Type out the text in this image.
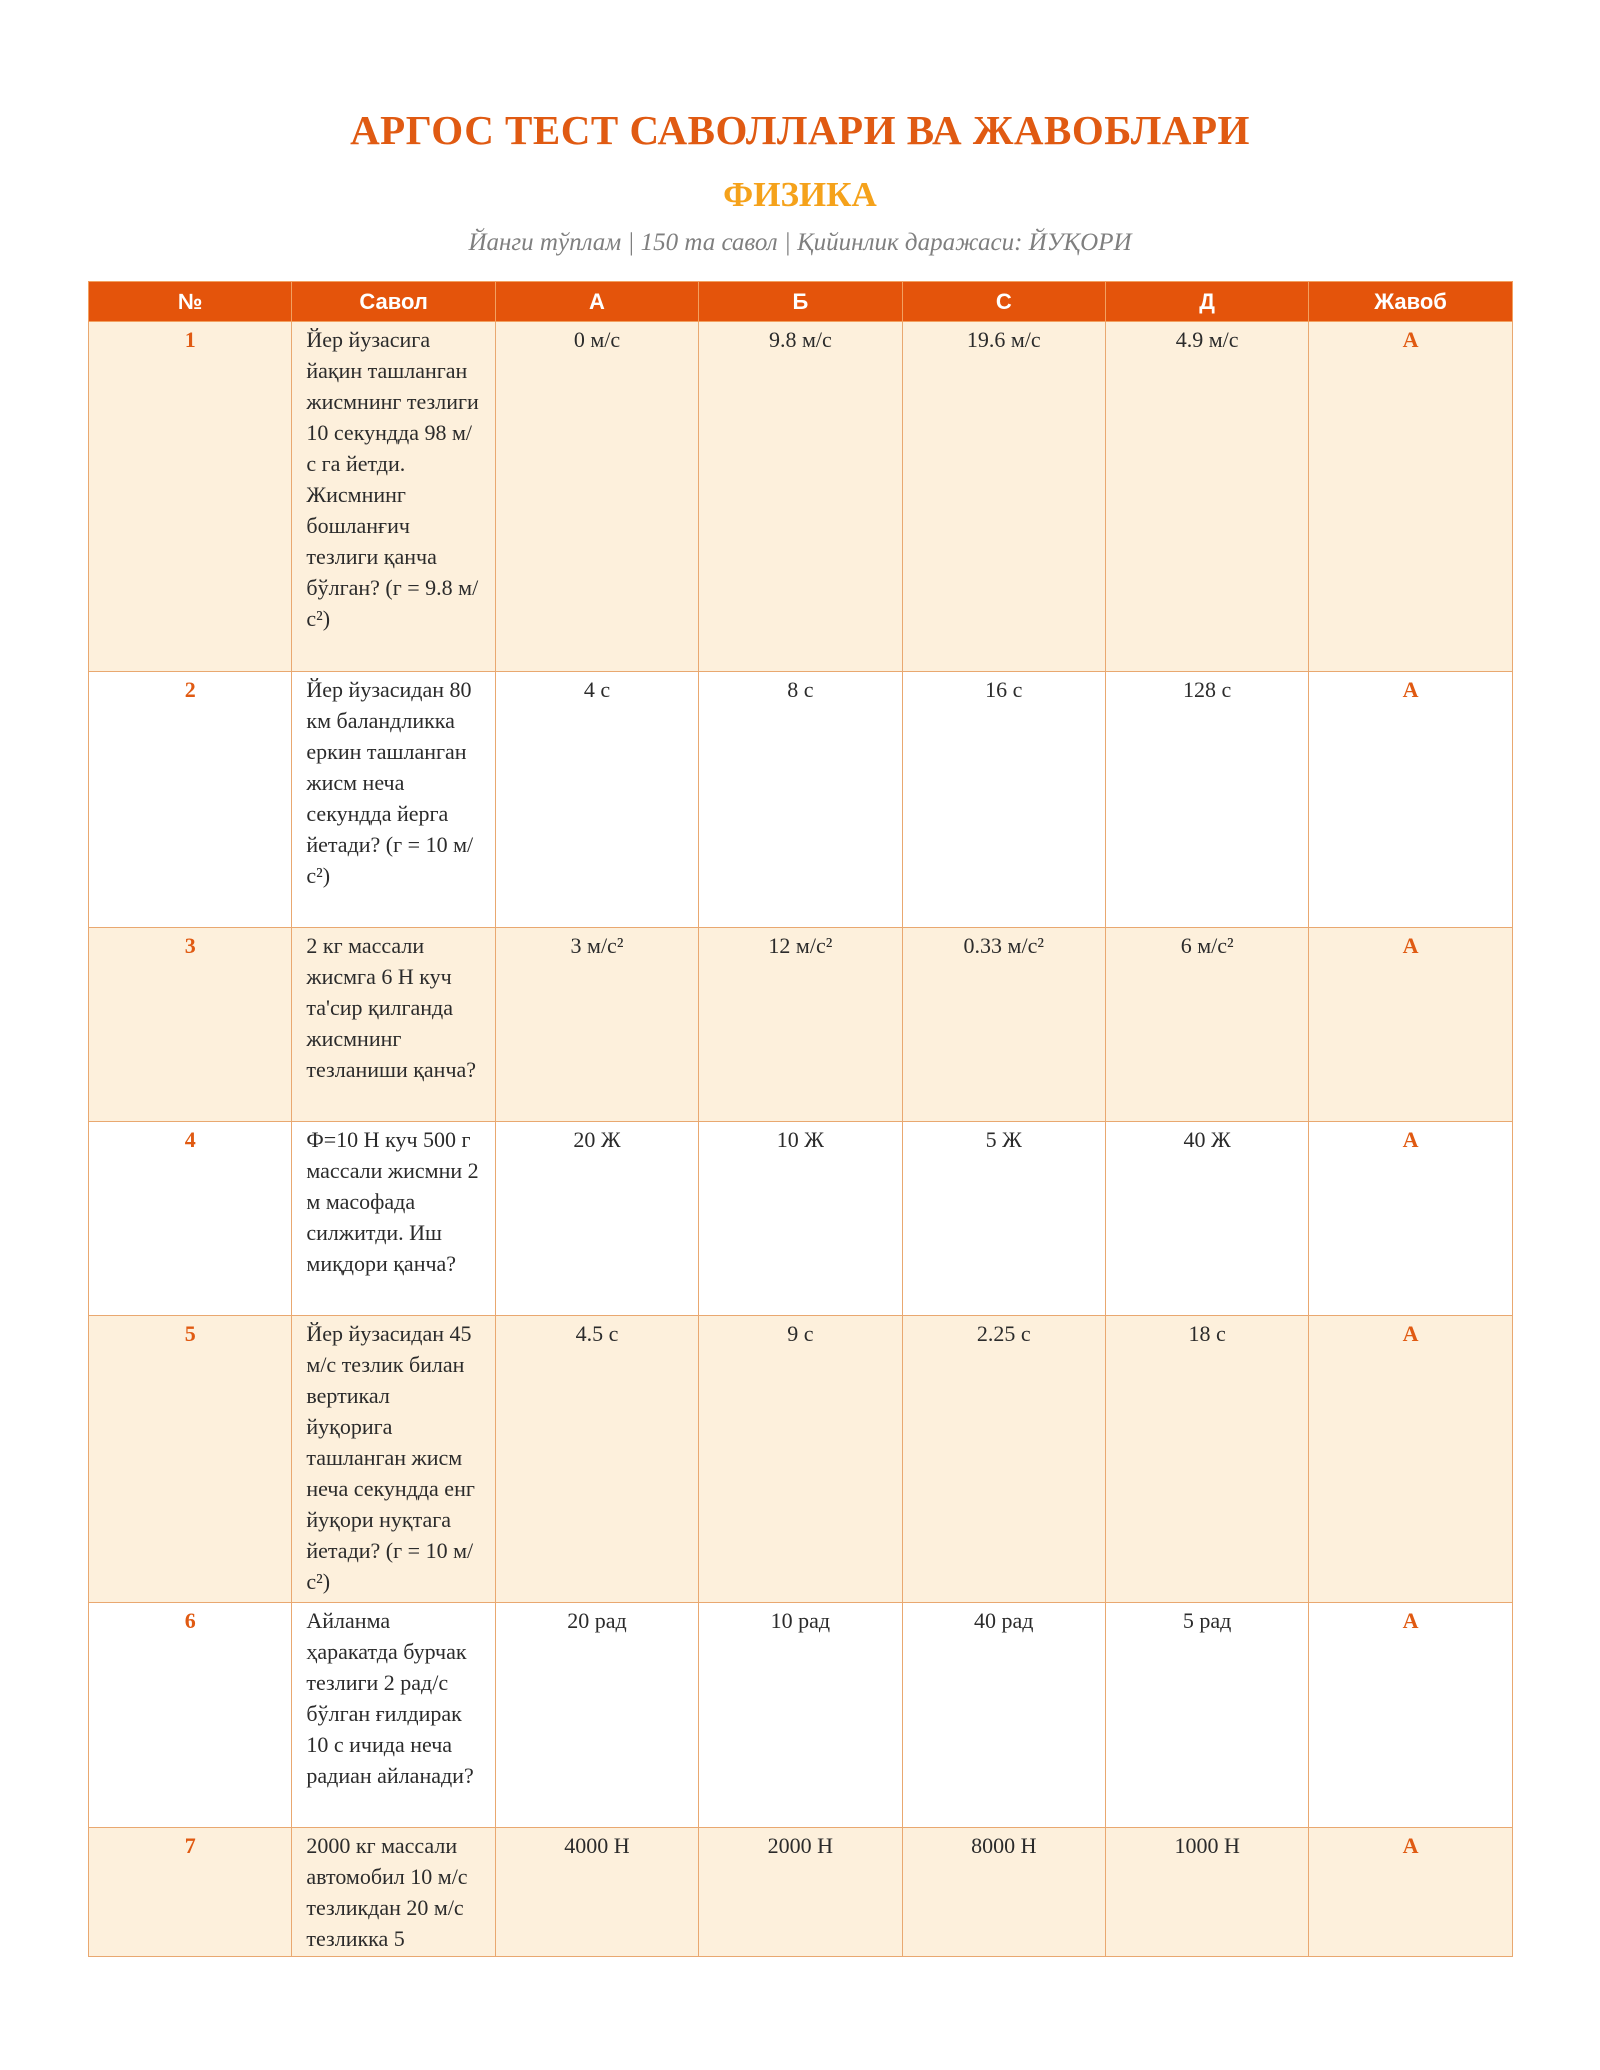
АРГОС ТЕСТ САВОЛЛАРИ ВА ЖАВОБЛАРИ
ФИЗИКА
Йанги тўплам | 150 та савол | Қийинлик даражаси: ЙУҚОРИ
№	Савол	А	Б	С	Д	Жавоб
1	Йер йузасига йақин ташланган жисмнинг тезлиги 10 секундда 98 м/с га йетди. Жисмнинг бошланғич тезлиги қанча бўлган? (г = 9.8 м/с²)	0 м/с	9.8 м/с	19.6 м/с	4.9 м/с	А
2	Йер йузасидан 80 км баландликка еркин ташланган жисм неча секундда йерга йетади? (г = 10 м/с²)	4 с	8 с	16 с	128 с	А
3	2 кг массали жисмга 6 Н куч та'сир қилганда жисмнинг тезланиши қанча?	3 м/с²	12 м/с²	0.33 м/с²	6 м/с²	А
4	Ф=10 Н куч 500 г массали жисмни 2 м масофада силжитди. Иш миқдори қанча?	20 Ж	10 Ж	5 Ж	40 Ж	А
5	Йер йузасидан 45 м/с тезлик билан вертикал йуқорига ташланган жисм неча секундда енг йуқори нуқтага йетади? (г = 10 м/с²)	4.5 с	9 с	2.25 с	18 с	А
6	Айланма ҳаракатда бурчак тезлиги 2 рад/с бўлган ғилдирак 10 с ичида неча радиан айланади?	20 рад	10 рад	40 рад	5 рад	А
7	2000 кг массали автомобил 10 м/с тезликдан 20 м/с тезликка 5	4000 Н	2000 Н	8000 Н	1000 Н	А
